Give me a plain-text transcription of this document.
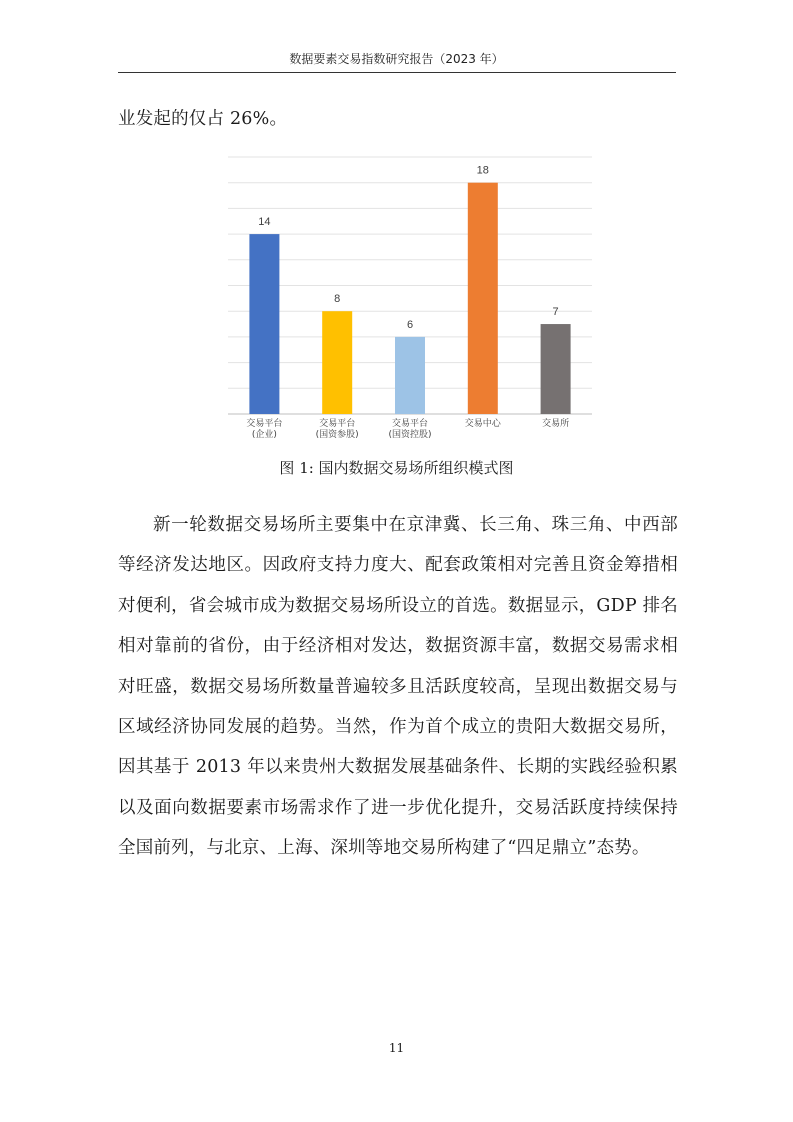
数据要素交易指数研究报告（2023 年）
业发起的仅占 26%。
14
交易平台
(企业)
8
交易平台
(国资参股)
6
交易平台
(国资控股)
18
交易中心
7
交易所
图 1: 国内数据交易场所组织模式图
新一轮数据交易场所主要集中在京津冀、长三角、珠三角、中西部等经济发达地区。因政府支持力度大、配套政策相对完善且资金筹措相对便利，省会城市成为数据交易场所设立的首选。数据显示，GDP 排名相对靠前的省份，由于经济相对发达，数据资源丰富，数据交易需求相对旺盛，数据交易场所数量普遍较多且活跃度较高，呈现出数据交易与区域经济协同发展的趋势。当然，作为首个成立的贵阳大数据交易所，因其基于 2013 年以来贵州大数据发展基础条件、长期的实践经验积累以及面向数据要素市场需求作了进一步优化提升，交易活跃度持续保持全国前列，与北京、上海、深圳等地交易所构建了“四足鼎立”态势。
11
